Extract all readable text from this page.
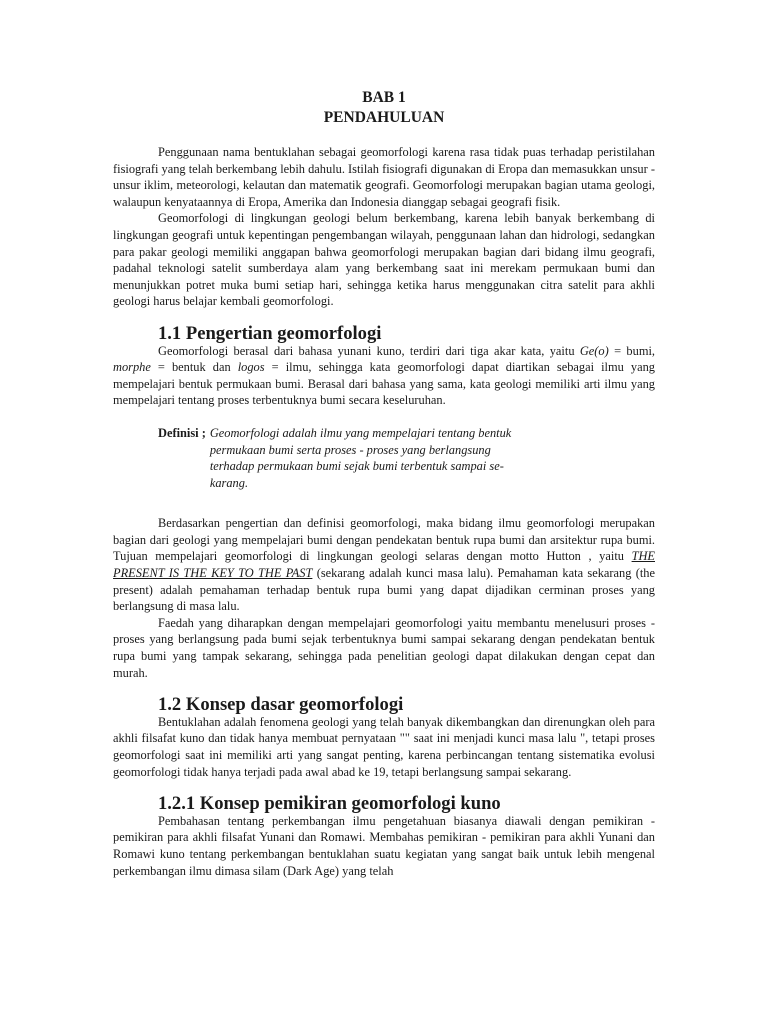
BAB 1
PENDAHULUAN

Penggunaan nama bentuklahan sebagai geomorfologi karena rasa tidak puas terhadap peristilahan fisiografi yang telah berkembang lebih dahulu. Istilah fisiografi digunakan di Eropa dan memasukkan unsur - unsur iklim, meteorologi, kelautan dan matematik geografi. Geomorfologi merupakan bagian utama geologi, walaupun kenyataannya di Eropa, Amerika dan Indonesia dianggap sebagai geografi fisik.

Geomorfologi di lingkungan geologi belum berkembang, karena lebih banyak berkembang di lingkungan geografi untuk kepentingan pengembangan wilayah, penggunaan lahan dan hidrologi, sedangkan para pakar geologi memiliki anggapan bahwa geomorfologi merupakan bagian dari bidang ilmu geografi, padahal teknologi satelit sumberdaya alam yang berkembang saat ini merekam permukaan bumi dan menunjukkan potret muka bumi setiap hari, sehingga ketika harus menggunakan citra satelit para akhli geologi harus belajar kembali geomorfologi.

1.1 Pengertian geomorfologi

Geomorfologi berasal dari bahasa yunani kuno, terdiri dari tiga akar kata, yaitu Ge(o) = bumi, morphe = bentuk dan logos = ilmu, sehingga kata geomorfologi dapat diartikan sebagai ilmu yang mempelajari bentuk permukaan bumi. Berasal dari bahasa yang sama, kata geologi memiliki arti ilmu yang mempelajari tentang proses terbentuknya bumi secara keseluruhan.

Definisi ; Geomorfologi adalah ilmu yang mempelajari tentang bentuk
permukaan bumi serta proses - proses yang berlangsung
terhadap permukaan bumi sejak bumi terbentuk sampai se-
karang.

Berdasarkan pengertian dan definisi geomorfologi, maka bidang ilmu geomorfologi merupakan bagian dari geologi yang mempelajari bumi dengan pendekatan bentuk rupa bumi dan arsitektur rupa bumi. Tujuan mempelajari geomorfologi di lingkungan geologi selaras dengan motto Hutton , yaitu THE PRESENT IS THE KEY TO THE PAST (sekarang adalah kunci masa lalu). Pemahaman kata sekarang (the present) adalah pemahaman terhadap bentuk rupa bumi yang dapat dijadikan cerminan proses yang berlangsung di masa lalu.

Faedah yang diharapkan dengan mempelajari geomorfologi yaitu membantu menelusuri proses - proses yang berlangsung pada bumi sejak terbentuknya bumi sampai sekarang dengan pendekatan bentuk rupa bumi yang tampak sekarang, sehingga pada penelitian geologi dapat dilakukan dengan cepat dan murah.

1.2 Konsep dasar geomorfologi

Bentuklahan adalah fenomena geologi yang telah banyak dikembangkan dan direnungkan oleh para akhli filsafat kuno dan tidak hanya membuat pernyataan "" saat ini menjadi kunci masa lalu ", tetapi proses geomorfologi saat ini memiliki arti yang sangat penting, karena perbincangan tentang sistematika evolusi geomorfologi tidak hanya terjadi pada awal abad ke 19, tetapi berlangsung sampai sekarang.

1.2.1 Konsep pemikiran geomorfologi kuno

Pembahasan tentang perkembangan ilmu pengetahuan biasanya diawali dengan pemikiran - pemikiran para akhli filsafat Yunani dan Romawi. Membahas pemikiran - pemikiran para akhli Yunani dan Romawi kuno tentang perkembangan bentuklahan suatu kegiatan yang sangat baik untuk lebih mengenal perkembangan ilmu dimasa silam (Dark Age) yang telah
